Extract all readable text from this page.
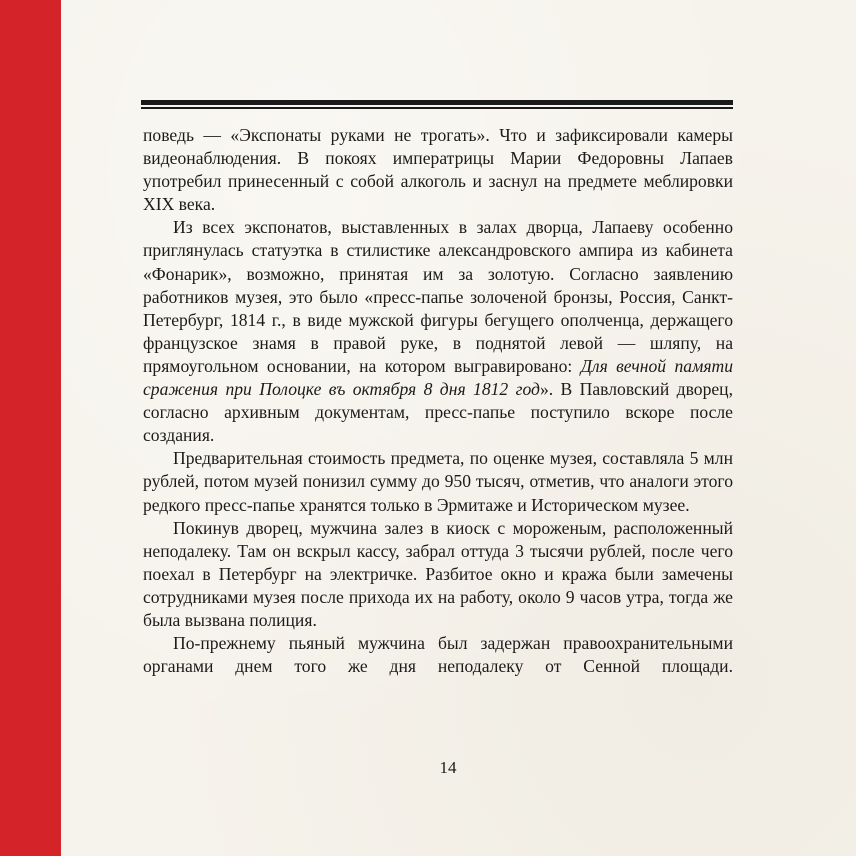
поведь — «Экспонаты руками не трогать». Что и зафиксировали камеры видеонаблюдения. В покоях императрицы Марии Федоровны Лапаев употребил принесенный с собой алкоголь и заснул на предмете меблировки XIX века.

Из всех экспонатов, выставленных в залах дворца, Лапаеву особенно приглянулась статуэтка в стилистике александровского ампира из кабинета «Фонарик», возможно, принятая им за золотую. Согласно заявлению работников музея, это было «пресс-папье золоченой бронзы, Россия, Санкт-Петербург, 1814 г., в виде мужской фигуры бегущего ополченца, держащего французское знамя в правой руке, в поднятой левой — шляпу, на прямоугольном основании, на котором выгравировано: Для вечной памяти сражения при Полоцке въ октября 8 дня 1812 год». В Павловский дворец, согласно архивным документам, пресс-папье поступило вскоре после создания.

Предварительная стоимость предмета, по оценке музея, составляла 5 млн рублей, потом музей понизил сумму до 950 тысяч, отметив, что аналоги этого редкого пресс-папье хранятся только в Эрмитаже и Историческом музее.

Покинув дворец, мужчина залез в киоск с мороженым, расположенный неподалеку. Там он вскрыл кассу, забрал оттуда 3 тысячи рублей, после чего поехал в Петербург на электричке. Разбитое окно и кража были замечены сотрудниками музея после прихода их на работу, около 9 часов утра, тогда же была вызвана полиция.

По-прежнему пьяный мужчина был задержан правоохранительными органами днем того же дня неподалеку от Сенной площади.

14
